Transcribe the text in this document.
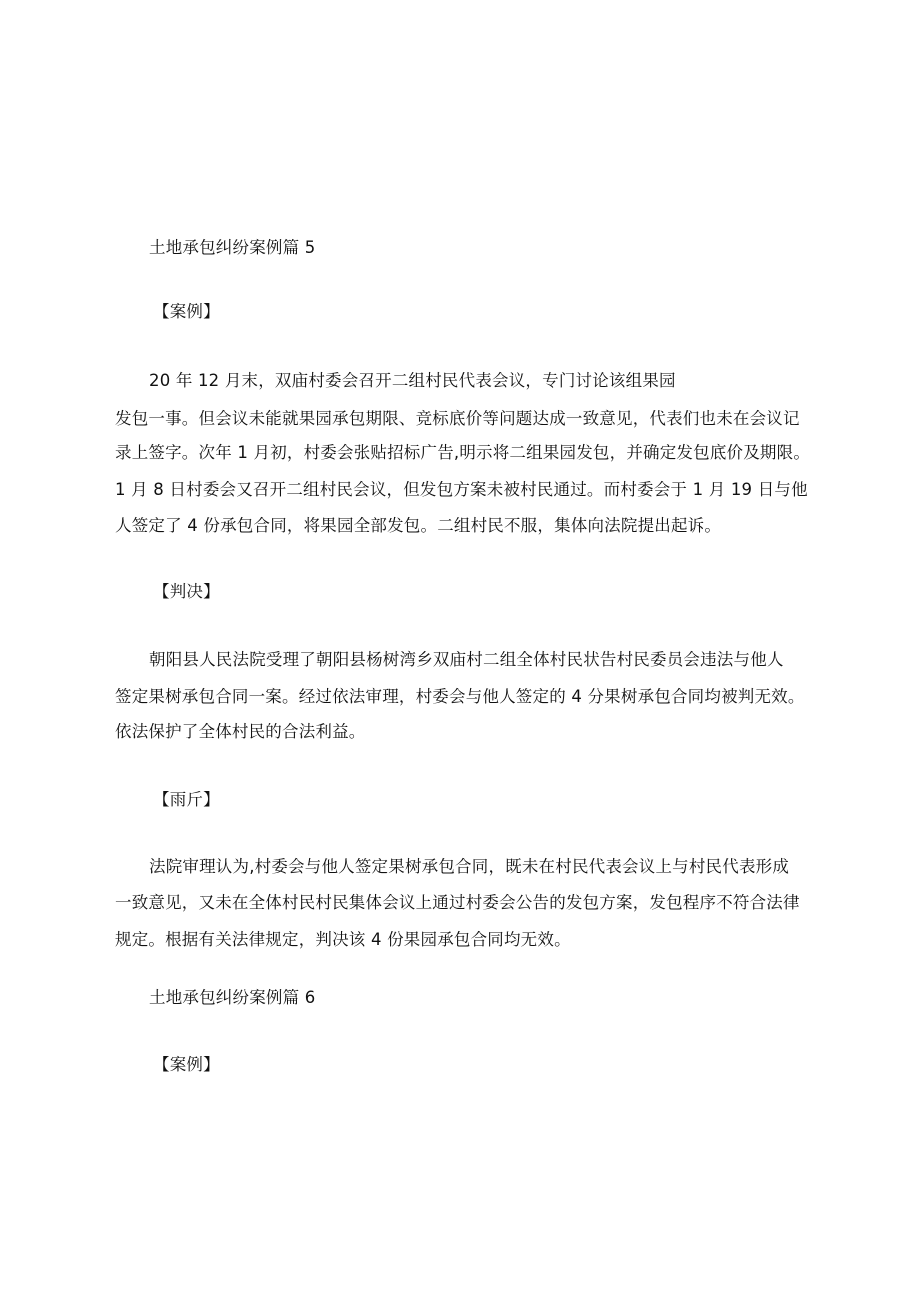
土地承包纠纷案例篇 5
【案例】
20 年 12 月末，双庙村委会召开二组村民代表会议，专门讨论该组果园
发包一事。但会议未能就果园承包期限、竞标底价等问题达成一致意见，代表们也未在会议记
录上签字。次年 1 月初，村委会张贴招标广告,明示将二组果园发包，并确定发包底价及期限。
1 月 8 日村委会又召开二组村民会议，但发包方案未被村民通过。而村委会于 1 月 19 日与他
人签定了 4 份承包合同，将果园全部发包。二组村民不服，集体向法院提出起诉。
【判决】
朝阳县人民法院受理了朝阳县杨树湾乡双庙村二组全体村民状告村民委员会违法与他人
签定果树承包合同一案。经过依法审理，村委会与他人签定的 4 分果树承包合同均被判无效。
依法保护了全体村民的合法利益。
【雨斤】
法院审理认为,村委会与他人签定果树承包合同，既未在村民代表会议上与村民代表形成
一致意见，又未在全体村民村民集体会议上通过村委会公告的发包方案，发包程序不符合法律
规定。根据有关法律规定，判决该 4 份果园承包合同均无效。
土地承包纠纷案例篇 6
【案例】
